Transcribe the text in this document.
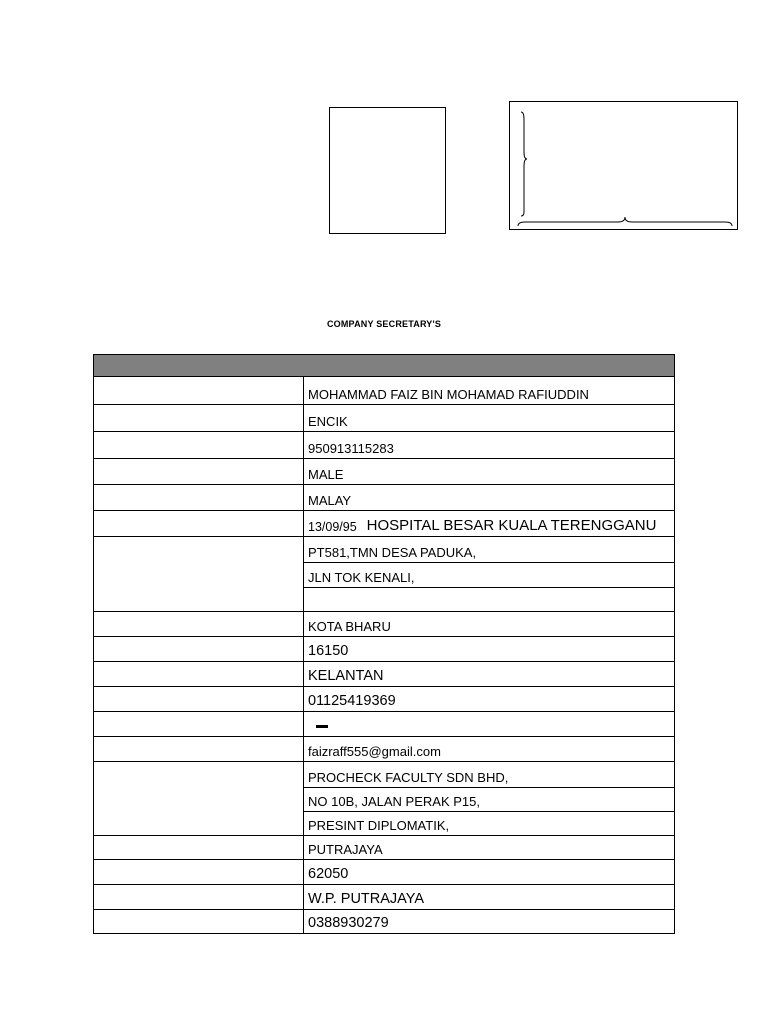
COMPANY SECRETARY'S
MOHAMMAD FAIZ BIN MOHAMAD RAFIUDDIN
ENCIK
950913115283
MALE
MALAY
13/09/95 HOSPITAL BESAR KUALA TERENGGANU
PT581,TMN DESA PADUKA,
JLN TOK KENALI,
KOTA BHARU
16150
KELANTAN
01125419369
faizraff555@gmail.com
PROCHECK FACULTY SDN BHD,
NO 10B, JALAN PERAK P15,
PRESINT DIPLOMATIK,
PUTRAJAYA
62050
W.P. PUTRAJAYA
0388930279
